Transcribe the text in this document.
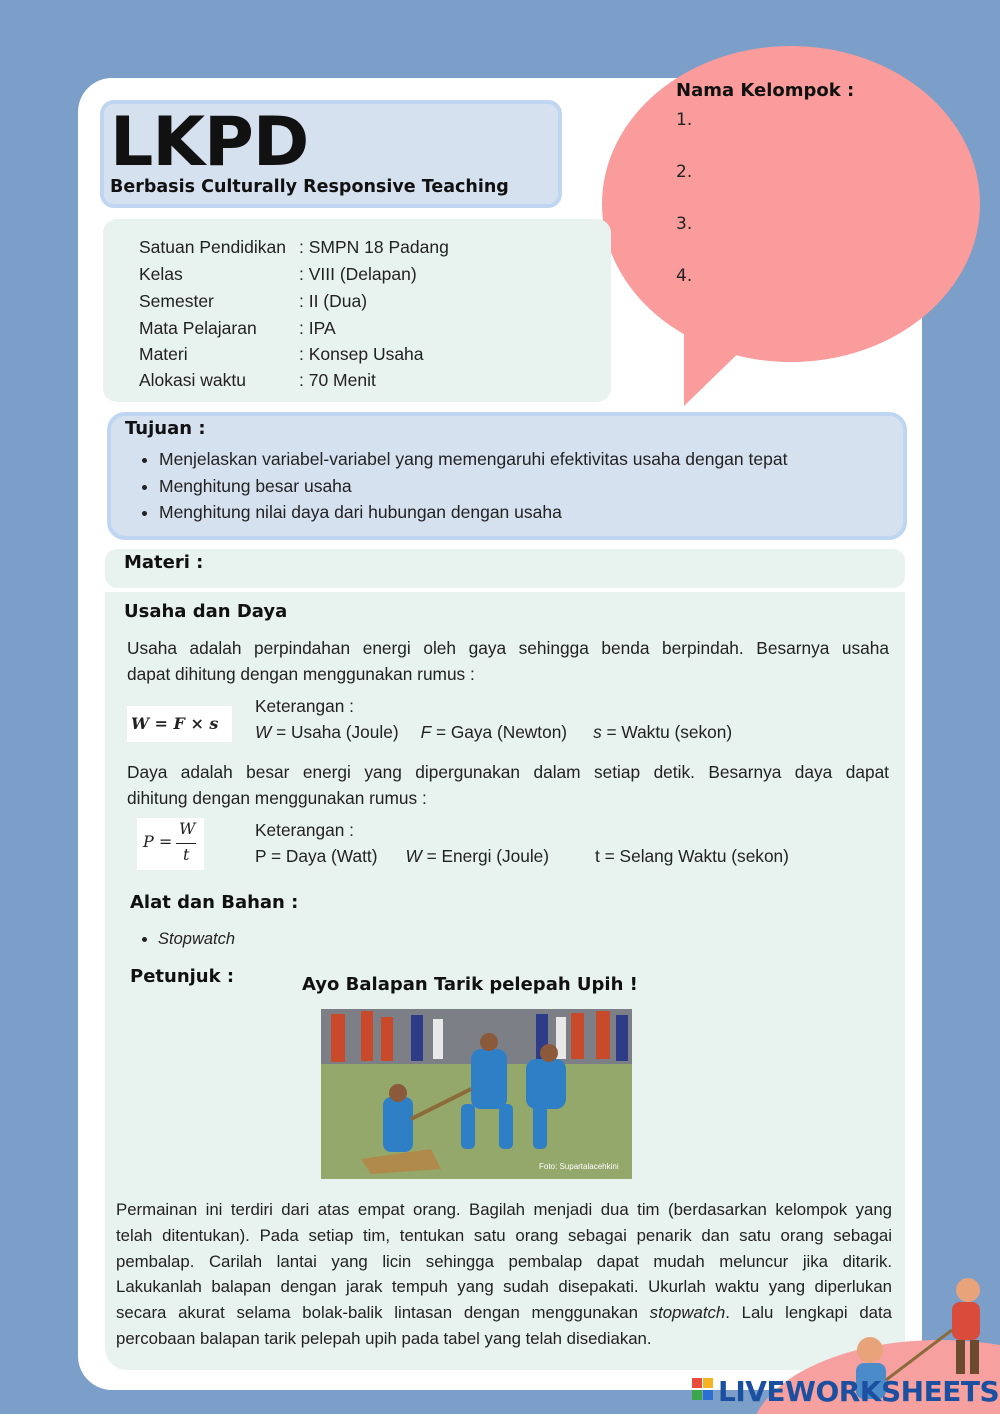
LKPD
Berbasis Culturally Responsive Teaching
Nama Kelompok :
1.
2.
3.
4.
Satuan Pendidikan : SMPN 18 Padang
Kelas	: VIII (Delapan)
Semester	: II (Dua)
Mata Pelajaran : IPA
Materi	: Konsep Usaha
Alokasi waktu	: 70 Menit
Tujuan :
• Menjelaskan variabel-variabel yang memengaruhi efektivitas usaha dengan tepat
• Menghitung besar usaha
• Menghitung nilai daya dari hubungan dengan usaha
Materi :
Usaha dan Daya
Usaha adalah perpindahan energi oleh gaya sehingga benda berpindah. Besarnya usaha
dapat dihitung dengan menggunakan rumus :
W = F × s
Keterangan :
W = Usaha (Joule) F = Gaya (Newton) s = Waktu (sekon)
Daya adalah besar energi yang dipergunakan dalam setiap detik. Besarnya daya dapat
dihitung dengan menggunakan rumus :
P =
W
t
Keterangan :
P = Daya (Watt) W = Energi (Joule)	t = Selang Waktu (sekon)
Alat dan Bahan :
• Stopwatch
Petunjuk :	Ayo Balapan Tarik pelepah Upih !
Foto: Supartalacehkini
Permainan ini terdiri dari atas empat orang. Bagilah menjadi dua tim (berdasarkan kelompok yang
telah ditentukan). Pada setiap tim, tentukan satu orang sebagai penarik dan satu orang sebagai
pembalap. Carilah lantai yang licin sehingga pembalap dapat mudah meluncur jika ditarik.
Lakukanlah balapan dengan jarak tempuh yang sudah disepakati. Ukurlah waktu yang diperlukan
secara akurat selama bolak-balik lintasan dengan menggunakan stopwatch. Lalu lengkapi data
percobaan balapan tarik pelepah upih pada tabel yang telah disediakan.
LIVEWORKSHEETS
